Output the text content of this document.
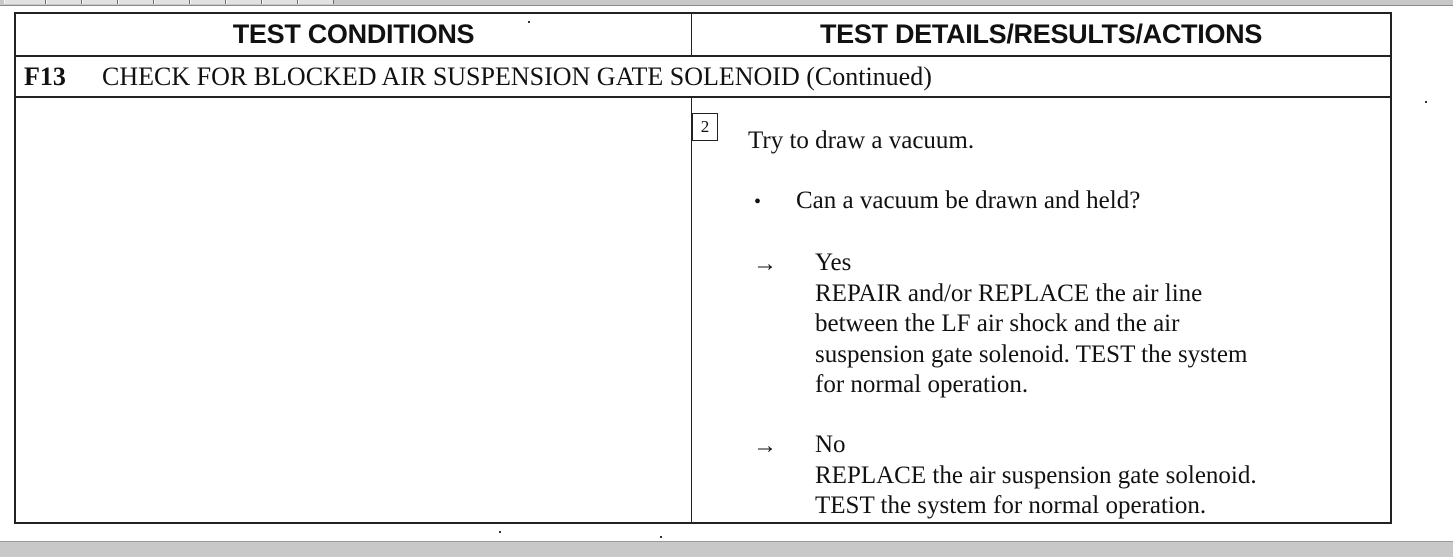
TEST CONDITIONS	TEST DETAILS/RESULTS/ACTIONS
F13 CHECK FOR BLOCKED AIR SUSPENSION GATE SOLENOID (Continued)
2
Try to draw a vacuum.
• Can a vacuum be drawn and held?
→ Yes
REPAIR and/or REPLACE the air line
between the LF air shock and the air
suspension gate solenoid. TEST the system
for normal operation.
→ No
REPLACE the air suspension gate solenoid.
TEST the system for normal operation.
